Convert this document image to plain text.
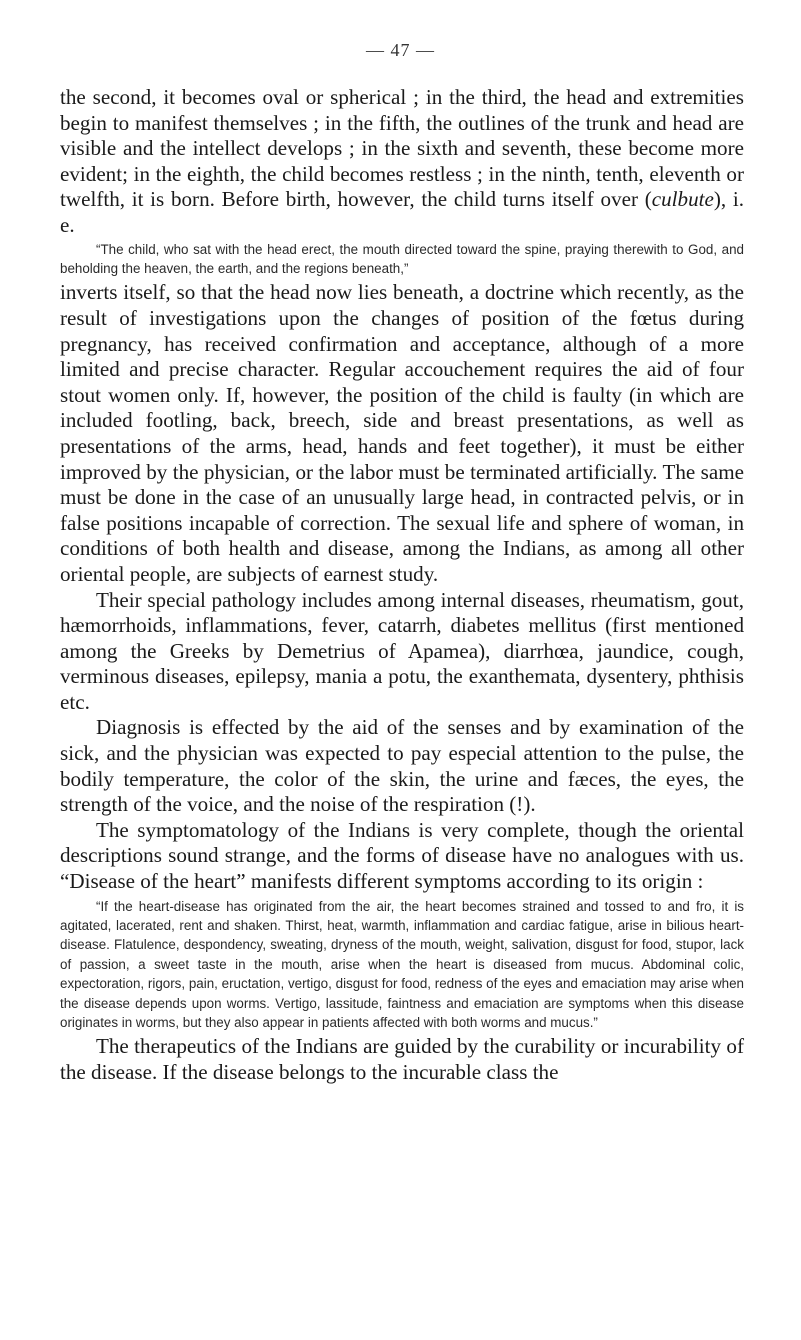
— 47 —

the second, it becomes oval or spherical ; in the third, the head and extremities begin to manifest themselves ; in the fifth, the outlines of the trunk and head are visible and the intellect develops ; in the sixth and seventh, these become more evident; in the eighth, the child becomes restless ; in the ninth, tenth, eleventh or twelfth, it is born. Before birth, however, the child turns itself over (culbute), i. e.

“The child, who sat with the head erect, the mouth directed toward the spine, praying therewith to God, and beholding the heaven, the earth, and the regions beneath,”

inverts itself, so that the head now lies beneath, a doctrine which recently, as the result of investigations upon the changes of position of the fœtus during pregnancy, has received confirmation and acceptance, although of a more limited and precise character. Regular accouchement requires the aid of four stout women only. If, however, the position of the child is faulty (in which are included footling, back, breech, side and breast presentations, as well as presentations of the arms, head, hands and feet together), it must be either improved by the physician, or the labor must be terminated artificially. The same must be done in the case of an unusually large head, in contracted pelvis, or in false positions incapable of correction. The sexual life and sphere of woman, in conditions of both health and disease, among the Indians, as among all other oriental people, are subjects of earnest study.

Their special pathology includes among internal diseases, rheumatism, gout, hæmorrhoids, inflammations, fever, catarrh, diabetes mellitus (first mentioned among the Greeks by Demetrius of Apamea), diarrhœa, jaundice, cough, verminous diseases, epilepsy, mania a potu, the exanthemata, dysentery, phthisis etc.

Diagnosis is effected by the aid of the senses and by examination of the sick, and the physician was expected to pay especial attention to the pulse, the bodily temperature, the color of the skin, the urine and fæces, the eyes, the strength of the voice, and the noise of the respiration (!).

The symptomatology of the Indians is very complete, though the oriental descriptions sound strange, and the forms of disease have no analogues with us. “Disease of the heart” manifests different symptoms according to its origin :

“If the heart-disease has originated from the air, the heart becomes strained and tossed to and fro, it is agitated, lacerated, rent and shaken. Thirst, heat, warmth, inflammation and cardiac fatigue, arise in bilious heart-disease. Flatulence, despondency, sweating, dryness of the mouth, weight, salivation, disgust for food, stupor, lack of passion, a sweet taste in the mouth, arise when the heart is diseased from mucus. Abdominal colic, expectoration, rigors, pain, eructation, vertigo, disgust for food, redness of the eyes and emaciation may arise when the disease depends upon worms. Vertigo, lassitude, faintness and emaciation are symptoms when this disease originates in worms, but they also appear in patients affected with both worms and mucus.”

The therapeutics of the Indians are guided by the curability or incurability of the disease. If the disease belongs to the incurable class the
